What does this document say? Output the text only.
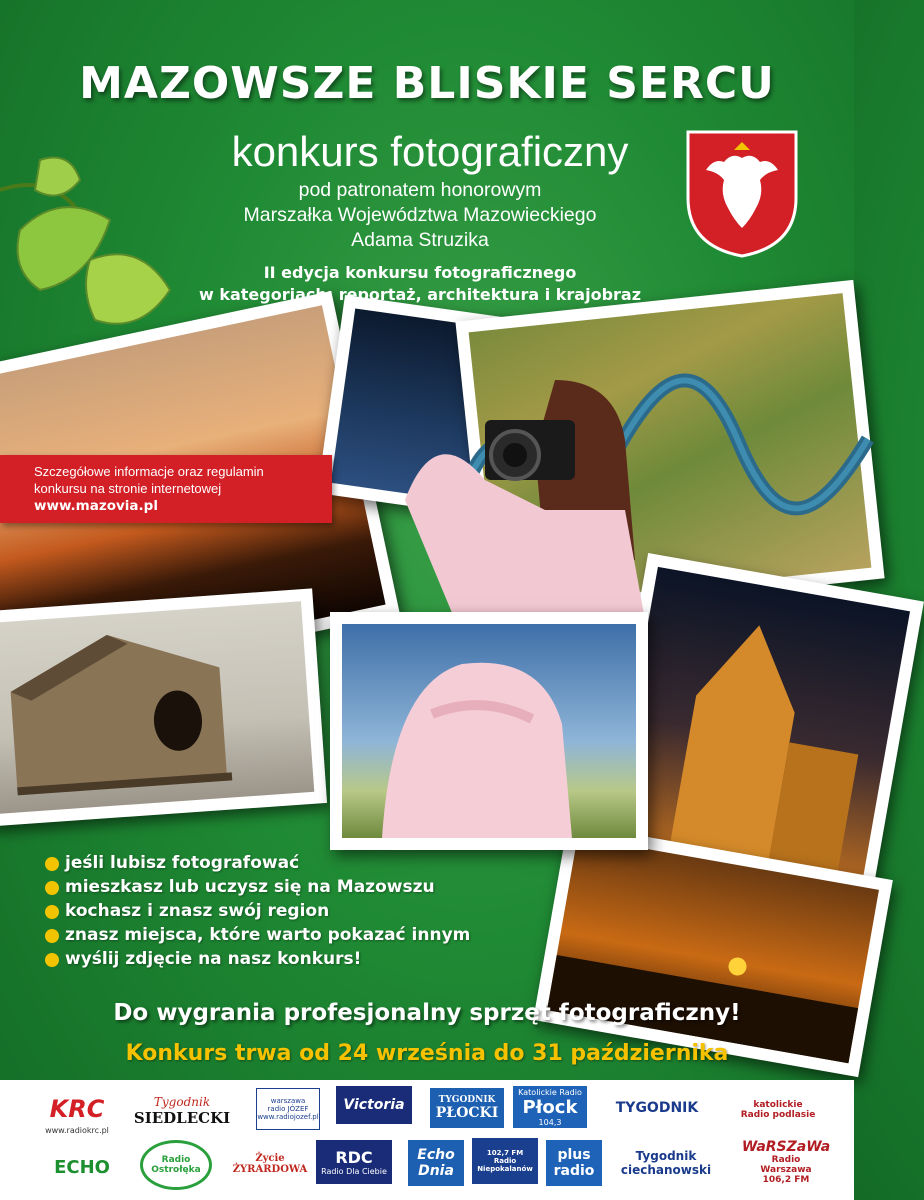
MAZOWSZE BLISKIE SERCU
konkurs fotograficzny
pod patronatem honorowym
Marszałka Województwa Mazowieckiego
Adama Struzika
II edycja konkursu fotograficznego
w kategoriach: reportaż, architektura i krajobraz
Szczegółowe informacje oraz regulamin
konkursu na stronie internetowej
www.mazovia.pl
jeśli lubisz fotografować
mieszkasz lub uczysz się na Mazowszu
kochasz i znasz swój region
znasz miejsca, które warto pokazać innym
wyślij zdjęcie na nasz konkurs!
Do wygrania profesjonalny sprzęt fotograficzny!
Konkurs trwa od 24 września do 31 października
KRC
www.radiokrc.pl
Tygodnik
SIEDLECKI
warszawa
radio JÓZEF
www.radiojozef.pl
Victoria	TYGODNIK
PŁOCKI
Katolickie Radio
Płock
104,3
TYGODNIK	katolickie
Radio podlasie
ECHO	Radio Ostrołęka
Życie
ŻYRARDOWA
RDC
Radio Dla Ciebie
Echo
Dnia
102,7 FM
Radio Niepokalanów
plus
radio
Tygodnik ciechanowski
WaRSZaWa
Radio Warszawa 106,2 FM
